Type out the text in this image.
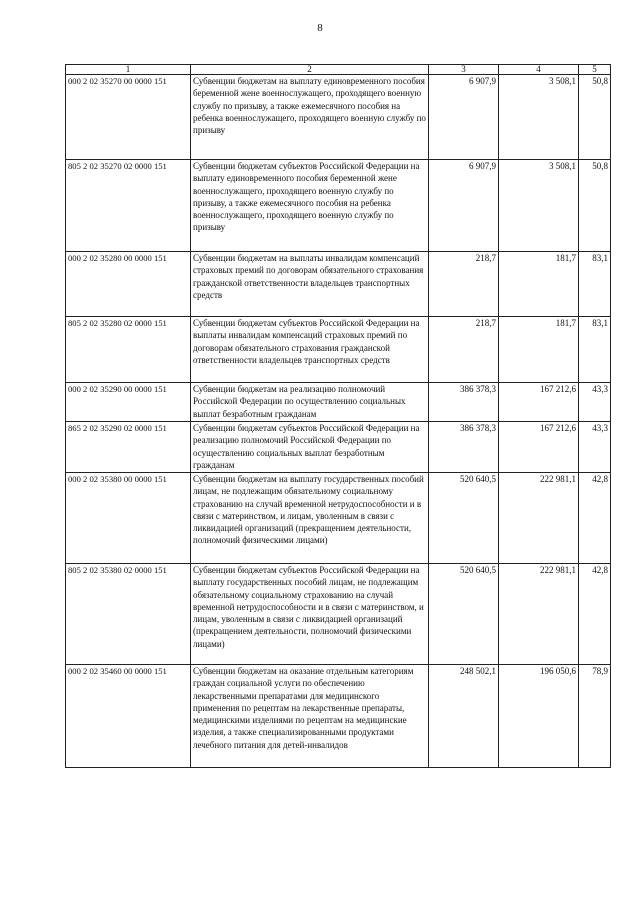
8
1	2	3	4	5
000 2 02 35270 00 0000 151	Субвенции бюджетам на выплату единовременного пособия беременной жене военнослужащего, проходящего военную службу по призыву, а также ежемесячного пособия на ребенка военнослужащего, проходящего военную службу по призыву	6 907,9	3 508,1	50,8
805 2 02 35270 02 0000 151	Субвенции бюджетам субъектов Российской Федерации на выплату единовременного пособия беременной жене военнослужащего, проходящего военную службу по призыву, а также ежемесячного пособия на ребенка военнослужащего, проходящего военную службу по призыву	6 907,9	3 508,1	50,8
000 2 02 35280 00 0000 151	Субвенции бюджетам на выплаты инвалидам компенсаций страховых премий по договорам обязательного страхования гражданской ответственности владельцев транспортных средств	218,7	181,7	83,1
805 2 02 35280 02 0000 151	Субвенции бюджетам субъектов Российской Федерации на выплаты инвалидам компенсаций страховых премий по договорам обязательного страхования гражданской ответственности владельцев транспортных средств	218,7	181,7	83,1
000 2 02 35290 00 0000 151	Субвенции бюджетам на реализацию полномочий Российской Федерации по осуществлению социальных выплат безработным гражданам	386 378,3	167 212,6	43,3
865 2 02 35290 02 0000 151	Субвенции бюджетам субъектов Российской Федерации на реализацию полномочий Российской Федерации по осуществлению социальных выплат безработным гражданам	386 378,3	167 212,6	43,3
000 2 02 35380 00 0000 151	Субвенции бюджетам на выплату государственных пособий лицам, не подлежащим обязательному социальному страхованию на случай временной нетрудоспособности и в связи с материнством, и лицам, уволенным в связи с ликвидацией организаций (прекращением деятельности, полномочий физическими лицами)	520 640,5	222 981,1	42,8
805 2 02 35380 02 0000 151	Субвенции бюджетам субъектов Российской Федерации на выплату государственных пособий лицам, не подлежащим обязательному социальному страхованию на случай временной нетрудоспособности и в связи с материнством, и лицам, уволенным в связи с ликвидацией организаций (прекращением деятельности, полномочий физическими лицами)	520 640,5	222 981,1	42,8
000 2 02 35460 00 0000 151	Субвенции бюджетам на оказание отдельным категориям граждан социальной услуги по обеспечению лекарственными препаратами для медицинского применения по рецептам на лекарственные препараты, медицинскими изделиями по рецептам на медицинские изделия, а также специализированными продуктами лечебного питания для детей-инвалидов	248 502,1	196 050,6	78,9
